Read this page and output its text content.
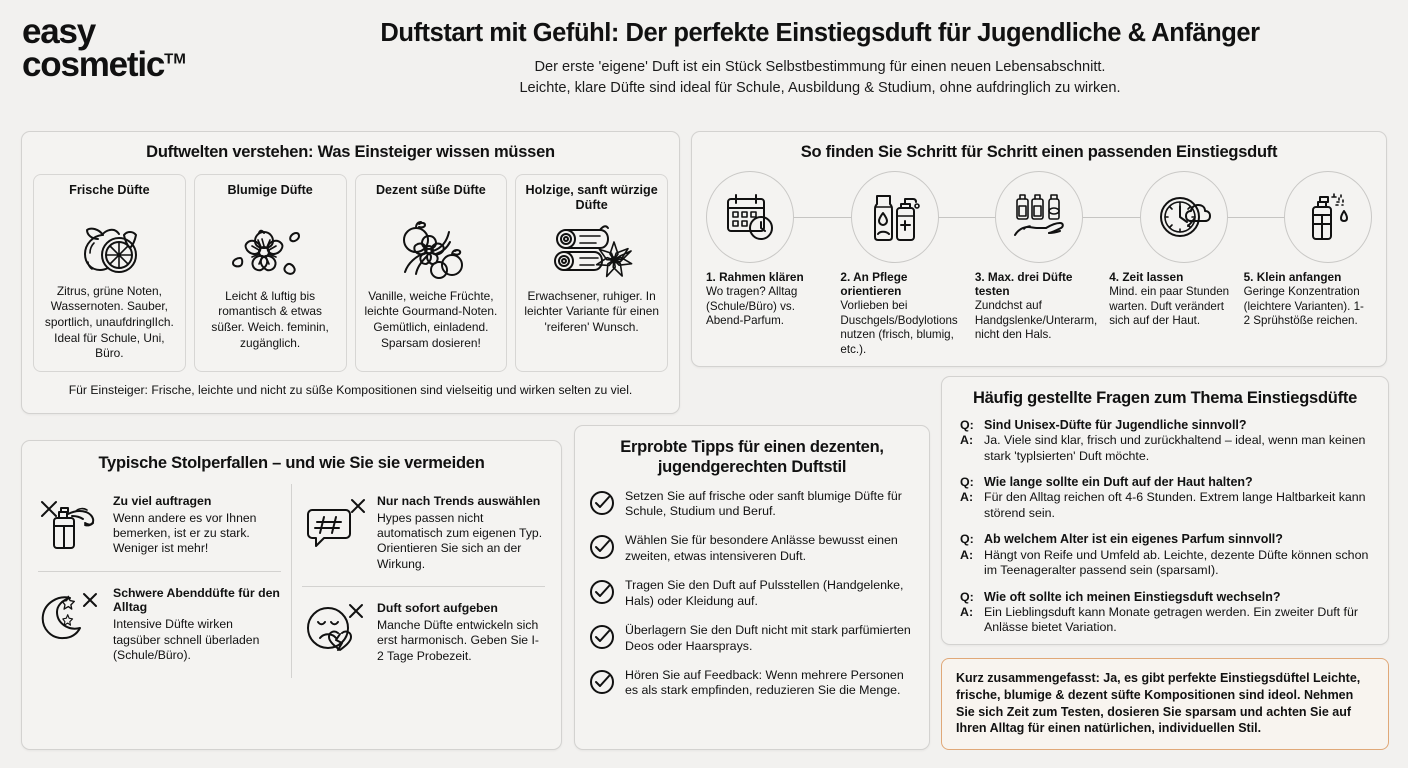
easy
cosmetic™
Duftstart mit Gefühl: Der perfekte Einstiegsduft für Jugendliche & Anfänger
Der erste 'eigene' Duft ist ein Stück Selbstbestimmung für einen neuen Lebensabschnitt.
Leichte, klare Düfte sind ideal für Schule, Ausbildung & Studium, ohne aufdringlich zu wirken.
Duftwelten verstehen: Was Einsteiger wissen müssen
Frische Düfte
Zitrus, grüne Noten, Wassernoten. Sauber, sportlich, unaufdringlIch. Ideal für Schule, Uni, Büro.
Blumige Düfte
Leicht & luftig bis romantisch & etwas süßer. Weich. feminin, zugänglich.
Dezent süße Düfte
Vanille, weiche Früchte, leichte Gourmand-Noten. Gemütlich, einladend. Sparsam dosieren!
Holzige, sanft würzige Düfte
Erwachsener, ruhiger. In leichter Variante für einen 'reiferen' Wunsch.
Für Einsteiger: Frische, leichte und nicht zu süße Kompositionen sind vielseitig und wirken selten zu viel.
So finden Sie Schritt für Schritt einen passenden Einstiegsduft
1. Rahmen klären
Wo tragen? Alltag (Schule/Büro) vs. Abend-Parfum.
2. An Pflege orientieren
Vorlieben bei Duschgels/Bodylotions nutzen (frisch, blumig, etc.).
3. Max. drei Düfte testen
Zundchst auf Handgslenke/Unterarm, nicht den Hals.
4. Zeit lassen
Mind. ein paar Stunden warten. Duft verändert sich auf der Haut.
5. Klein anfangen
Geringe Konzentration (leichtere Varianten). 1-2 Sprühstöße reichen.
Häufig gestellte Fragen zum Thema Einstiegsdüfte
Q: Sind Unisex-Düfte für Jugendliche sinnvoll?
A: Ja. Viele sind klar, frisch und zurückhaltend – ideal, wenn man keinen stark 'typlsierten' Duft möchte.
Q: Wie lange sollte ein Duft auf der Haut halten?
A: Für den Alltag reichen oft 4-6 Stunden. Extrem lange Haltbarkeit kann störend sein.
Q: Ab welchem Alter ist ein eigenes Parfum sinnvoll?
A: Hängt von Reife und Umfeld ab. Leichte, dezente Düfte können schon im Teenageralter passend sein (sparsamI).
Q: Wie oft sollte ich meinen Einstiegsduft wechseln?
A: Ein Lieblingsduft kann Monate getragen werden. Ein zweiter Duft für Anlässe bietet Variation.
Typische Stolperfallen – und wie Sie sie vermeiden
Zu viel auftragen
Wenn andere es vor Ihnen bemerken, ist er zu stark. Weniger ist mehr!
Schwere Abenddüfte für den Alltag
Intensive Düfte wirken tagsüber schnell überladen (Schule/Büro).
Nur nach Trends auswählen
Hypes passen nicht automatisch zum eigenen Typ. Orientieren Sie sich an der Wirkung.
Duft sofort aufgeben
Manche Düfte entwickeln sich erst harmonisch. Geben Sie I-2 Tage Probezeit.
Erprobte Tipps für einen dezenten,
jugendgerechten Duftstil
Setzen Sie auf frische oder sanft blumige Düfte für Schule, Studium und Beruf.
Wählen Sie für besondere Anlässe bewusst einen zweiten, etwas intensiveren Duft.
Tragen Sie den Duft auf Pulsstellen (Handgelenke, Hals) oder Kleidung auf.
Überlagern Sie den Duft nicht mit stark parfümierten Deos oder Haarsprays.
Hören Sie auf Feedback: Wenn mehrere Personen es als stark empfinden, reduzieren Sie die Menge.
Kurz zusammengefasst: Ja, es gibt perfekte Einstiegsdüftel Leichte, frische, blumige & dezent süfte Kompositionen sind ideol. Nehmen Sie sich Zeit zum Testen, dosieren Sie sparsam und achten Sie auf Ihren Alltag für einen natürlichen, individuellen Stil.
